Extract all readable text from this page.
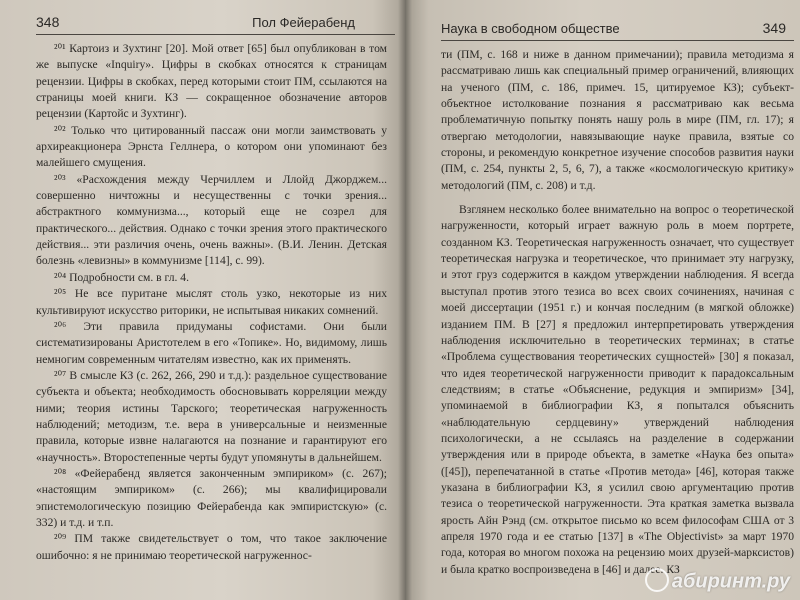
348	Пол Фейерабенд

²⁰¹ Картоиз и Зухтинг [20]. Мой ответ [65] был опубликован в том же выпуске «Inquiry». Цифры в скобках относятся к страницам рецензии. Цифры в скобках, перед которыми стоит ПМ, ссылаются на страницы моей книги. КЗ — сокращенное обозначение авторов рецензии (Картойс и Зухтинг).

²⁰² Только что цитированный пассаж они могли заимствовать у архиреакционера Эрнста Геллнера, о котором они упоминают без малейшего смущения.

²⁰³ «Расхождения между Черчиллем и Ллойд Джорджем... совершенно ничтожны и несущественны с точки зрения... абстрактного коммунизма..., который еще не созрел для практического... действия. Однако с точки зрения этого практического действия... эти различия очень, очень важны». (В.И. Ленин. Детская болезнь «левизны» в коммунизме [114], с. 99).

²⁰⁴ Подробности см. в гл. 4.

²⁰⁵ Не все пуритане мыслят столь узко, некоторые из них культивируют искусство риторики, не испытывая никаких сомнений.

²⁰⁶ Эти правила придуманы софистами. Они были систематизированы Аристотелем в его «Топике». Но, видимому, лишь немногим современным читателям известно, как их применять.

²⁰⁷ В смысле КЗ (с. 262, 266, 290 и т.д.): раздельное существование субъекта и объекта; необходимость обосновывать корреляции между ними; теория истины Тарского; теоретическая нагруженность наблюдений; методизм, т.е. вера в универсальные и неизменные правила, которые извне налагаются на познание и гарантируют его «научность». Второстепенные черты будут упомянуты в дальнейшем.

²⁰⁸ «Фейерабенд является законченным эмпириком» (с. 267); «настоящим эмпириком» (с. 266); мы квалифицировали эпистемологическую позицию Фейерабенда как эмпиристскую» (с. 332) и т.д. и т.п.

²⁰⁹ ПМ также свидетельствует о том, что такое заключение ошибочно: я не принимаю теоретической нагруженнос-

Наука в свободном обществе	349

ти (ПМ, с. 168 и ниже в данном примечании); правила методизма я рассматриваю лишь как специальный пример ограничений, влияющих на ученого (ПМ, с. 186, примеч. 15, цитируемое КЗ); субъект-объектное истолкование познания я рассматриваю как весьма проблематичную попытку понять нашу роль в мире (ПМ, гл. 17); я отвергаю методологии, навязывающие науке правила, взятые со стороны, и рекомендую конкретное изучение способов развития науки (ПМ, с. 254, пункты 2, 5, 6, 7), а также «космологическую критику» методологий (ПМ, с. 208) и т.д.

Взглянем несколько более внимательно на вопрос о теоретической нагруженности, который играет важную роль в моем портрете, созданном КЗ. Теоретическая нагруженность означает, что существует теоретическая нагрузка и теоретическое, что принимает эту нагрузку, и этот груз содержится в каждом утверждении наблюдения. Я всегда выступал против этого тезиса во всех своих сочинениях, начиная с моей диссертации (1951 г.) и кончая последним (в мягкой обложке) изданием ПМ. В [27] я предложил интерпретировать утверждения наблюдения исключительно в теоретических терминах; в статье «Проблема существования теоретических сущностей» [30] я показал, что идея теоретической нагруженности приводит к парадоксальным следствиям; в статье «Объяснение, редукция и эмпиризм» [34], упоминаемой в библиографии КЗ, я попытался объяснить «наблюдательную сердцевину» утверждений наблюдения психологически, а не ссылаясь на разделение в содержании утверждения или в природе объекта, в заметке «Наука без опыта» ([45]), перепечатанной в статье «Против метода» [46], которая также указана в библиографии КЗ, я усилил свою аргументацию против тезиса о теоретической нагруженности. Эта краткая заметка вызвала ярость Айн Рэнд (см. открытое письмо ко всем философам США от 3 апреля 1970 года и ее статью [137] в «The Objectivist» за март 1970 года, которая во многом похожа на рецензию моих друзей-марксистов) и была кратко воспроизведена в [46] и далее. КЗ

абиринт.ру
